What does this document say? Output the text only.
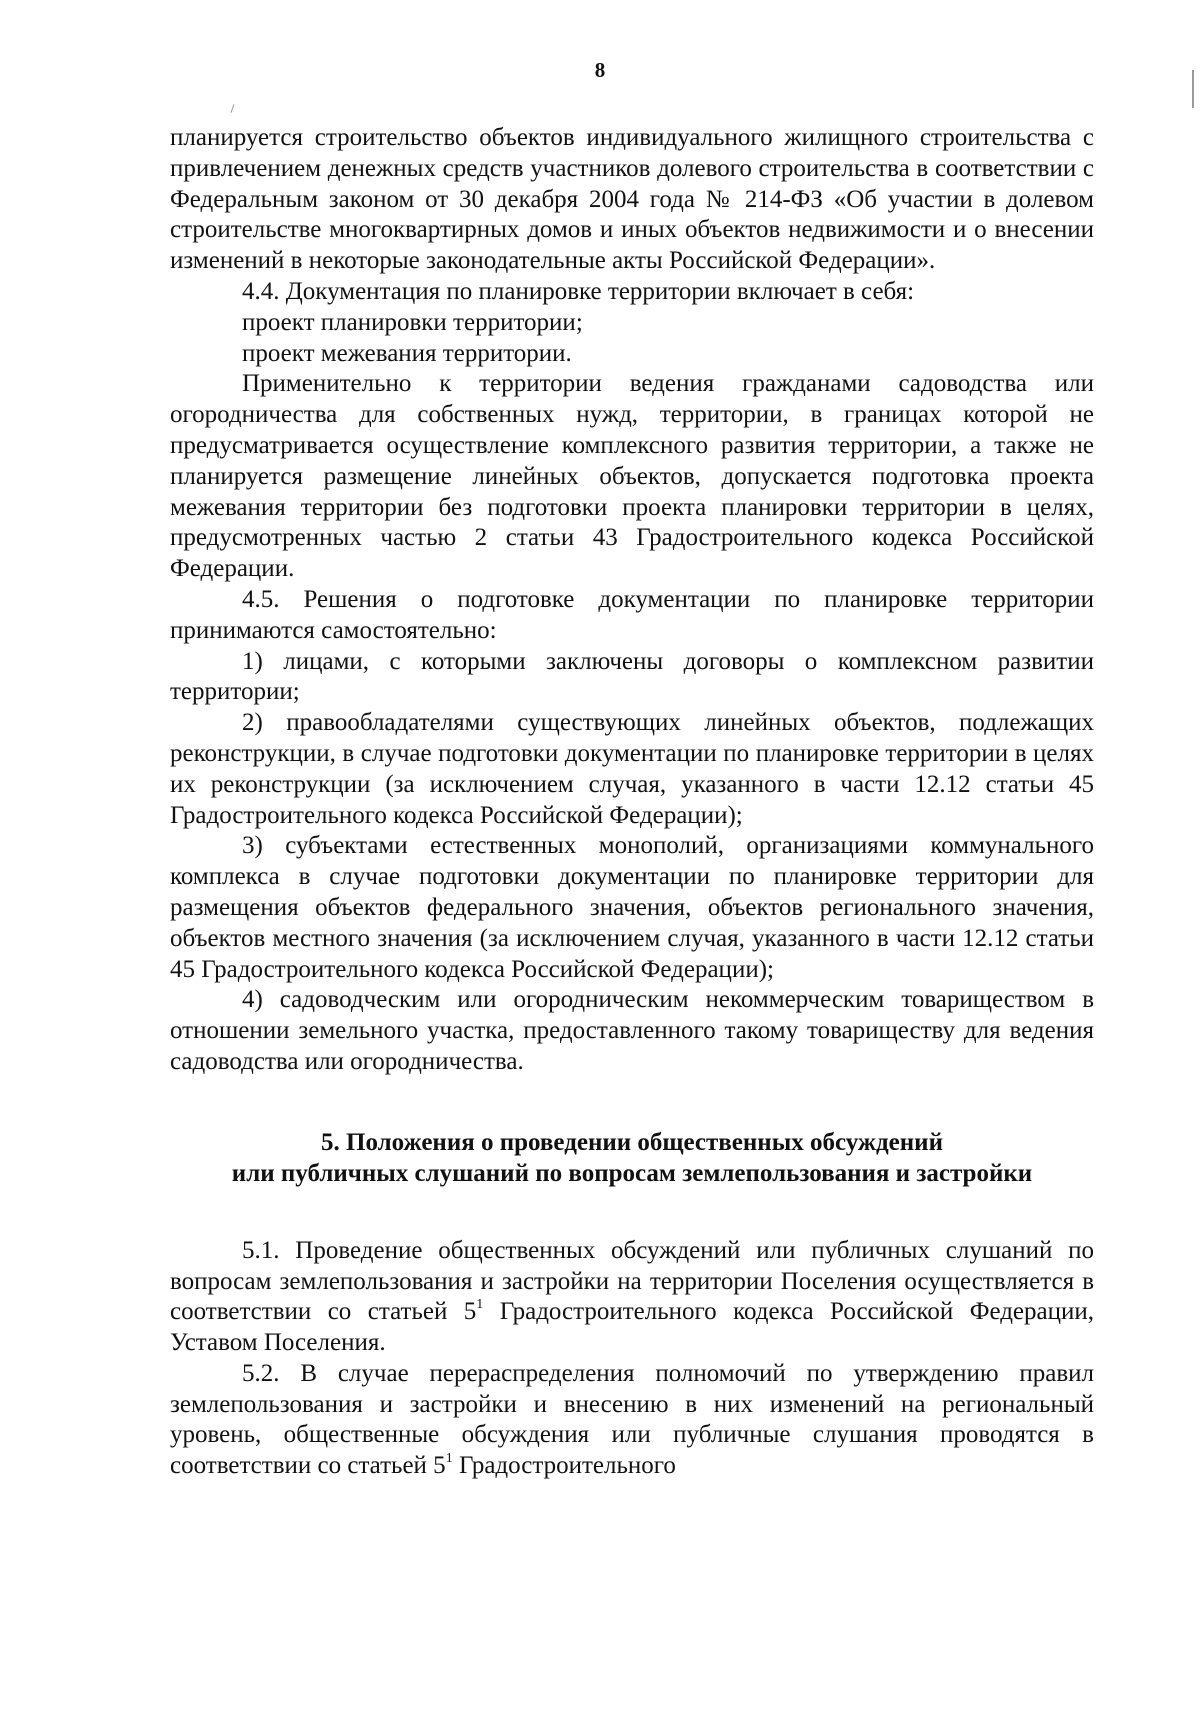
8

планируется строительство объектов индивидуального жилищного строительства с привлечением денежных средств участников долевого строительства в соответствии с Федеральным законом от 30 декабря 2004 года № 214-ФЗ «Об участии в долевом строительстве многоквартирных домов и иных объектов недвижимости и о внесении изменений в некоторые законодательные акты Российской Федерации».

4.4. Документация по планировке территории включает в себя:

проект планировки территории;

проект межевания территории.

Применительно к территории ведения гражданами садоводства или огородничества для собственных нужд, территории, в границах которой не предусматривается осуществление комплексного развития территории, а также не планируется размещение линейных объектов, допускается подготовка проекта межевания территории без подготовки проекта планировки территории в целях, предусмотренных частью 2 статьи 43 Градостроительного кодекса Российской Федерации.

4.5. Решения о подготовке документации по планировке территории принимаются самостоятельно:

1) лицами, с которыми заключены договоры о комплексном развитии территории;

2) правообладателями существующих линейных объектов, подлежащих реконструкции, в случае подготовки документации по планировке территории в целях их реконструкции (за исключением случая, указанного в части 12.12 статьи 45 Градостроительного кодекса Российской Федерации);

3) субъектами естественных монополий, организациями коммунального комплекса в случае подготовки документации по планировке территории для размещения объектов федерального значения, объектов регионального значения, объектов местного значения (за исключением случая, указанного в части 12.12 статьи 45 Градостроительного кодекса Российской Федерации);

4) садоводческим или огородническим некоммерческим товариществом в отношении земельного участка, предоставленного такому товариществу для ведения садоводства или огородничества.

5. Положения о проведении общественных обсуждений
или публичных слушаний по вопросам землепользования и застройки

5.1. Проведение общественных обсуждений или публичных слушаний по вопросам землепользования и застройки на территории Поселения осуществляется в соответствии со статьей $5^1$ Градостроительного кодекса Российской Федерации, Уставом Поселения.

5.2. В случае перераспределения полномочий по утверждению правил землепользования и застройки и внесению в них изменений на региональный уровень, общественные обсуждения или публичные слушания проводятся в соответствии со статьей $5^1$ Градостроительного
